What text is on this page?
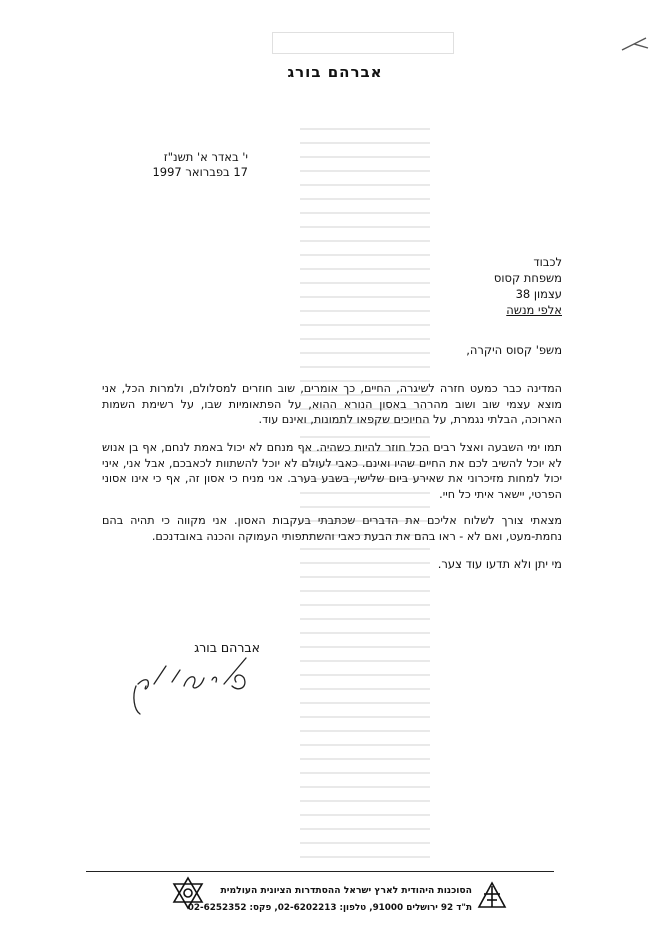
אברהם בורג
י' באדר א' תשנ"ז
17 בפברואר 1997
לכבוד
משפחת קסוס
עצמון 38
אלפי מנשה
משפ' קסוס היקרה,
המדינה כבר כמעט חזרה לשיגרה, החיים, כך אומרים, שוב חוזרים למסלולם, ולמרות הכל, אני מוצא עצמי שוב ושוב מהרהר באסון הנורא ההוא, על הפתאומיות שבו, על רשימת השמות הארוכה, הבלתי נגמרת, על החיוכים שקפאו לתמונות, ואינם עוד.
תמו ימי השבעה ואצל רבים הכל חוזר להיות כשהיה. אף מנחם לא יכול באמת לנחם, אף בן אנוש לא יוכל להשיב לכם את החיים שהיו ואינם. כאבי לעולם לא יוכל להשתוות לכאבכם, אבל אני, איני יכול למחות מזיכרוני את שאירע ביום שלישי, בשבע בערב. אני מניח כי אסון זה, אף כי אינו אסוני הפרטי, יישאר איתי כל חיי.
מצאתי צורך לשלוח אליכם את הדברים שכתבתי בעקבות האסון. אני מקווה כי תהיה בהם נחמת-מעט, ואם לא - ראו בהם את הבעת כאבי והשתתפותי העמוקה והכנה באובדנכם.
מי יתן ולא תדעו עוד צער.
אברהם בורג
הסוכנות היהודית לארץ ישראל ההסתדרות הציונית העולמית
ת"ד 92 ירושלים 91000, טלפון: 02-6202213, פקס: 02-6252352
